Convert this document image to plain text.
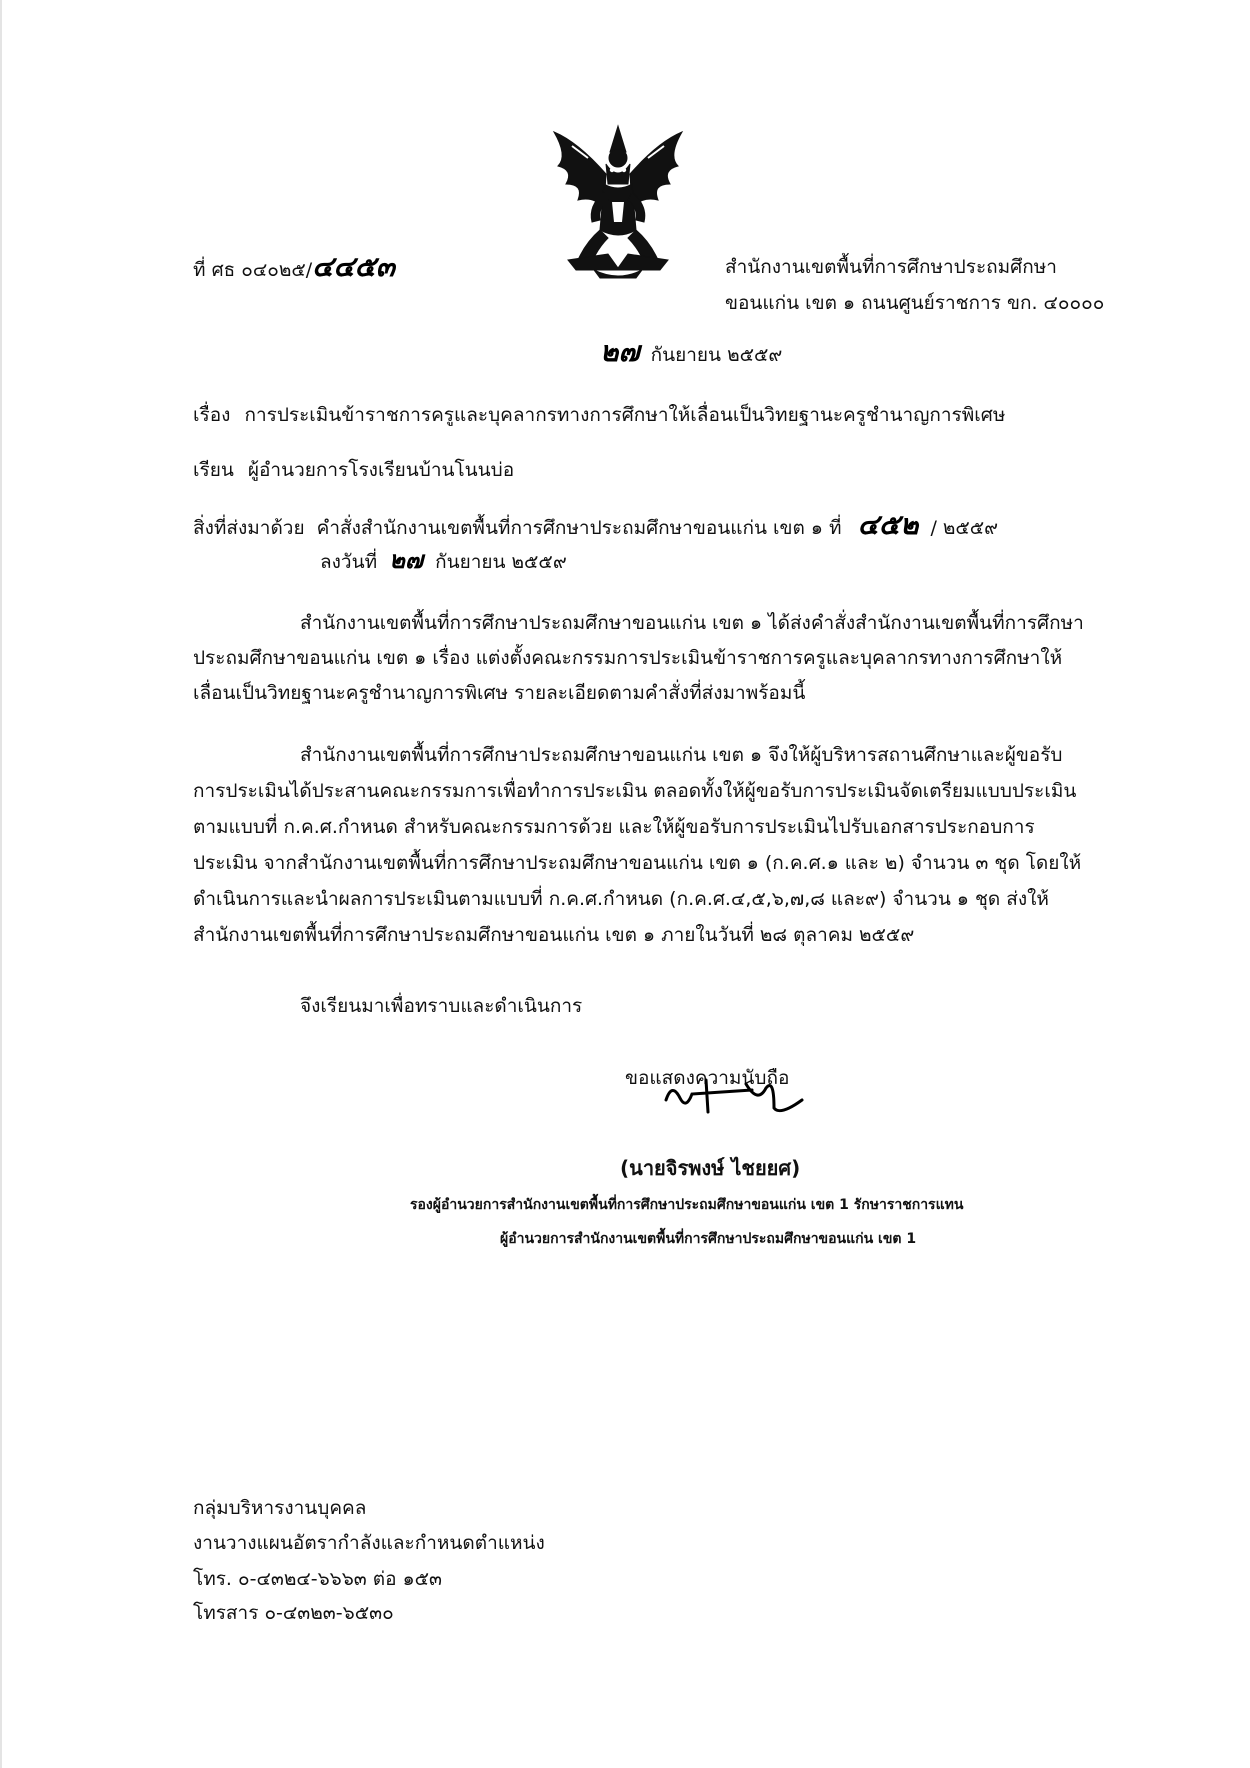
ที่ ศธ ๐๔๐๒๕/๔๔๕๓	สำนักงานเขตพื้นที่การศึกษาประถมศึกษา
ขอนแก่น เขต ๑ ถนนศูนย์ราชการ ขก. ๔๐๐๐๐
๒๗ กันยายน ๒๕๕๙
เรื่อง การประเมินข้าราชการครูและบุคลากรทางการศึกษาให้เลื่อนเป็นวิทยฐานะครูชำนาญการพิเศษ
เรียน ผู้อำนวยการโรงเรียนบ้านโนนบ่อ
สิ่งที่ส่งมาด้วย คำสั่งสำนักงานเขตพื้นที่การศึกษาประถมศึกษาขอนแก่น เขต ๑ ที่ ๔๕๒ / ๒๕๕๙
ลงวันที่ ๒๗ กันยายน ๒๕๕๙
สำนักงานเขตพื้นที่การศึกษาประถมศึกษาขอนแก่น เขต ๑ ได้ส่งคำสั่งสำนักงานเขตพื้นที่การศึกษา
ประถมศึกษาขอนแก่น เขต ๑ เรื่อง แต่งตั้งคณะกรรมการประเมินข้าราชการครูและบุคลากรทางการศึกษาให้
เลื่อนเป็นวิทยฐานะครูชำนาญการพิเศษ รายละเอียดตามคำสั่งที่ส่งมาพร้อมนี้
สำนักงานเขตพื้นที่การศึกษาประถมศึกษาขอนแก่น เขต ๑ จึงให้ผู้บริหารสถานศึกษาและผู้ขอรับ
การประเมินได้ประสานคณะกรรมการเพื่อทำการประเมิน ตลอดทั้งให้ผู้ขอรับการประเมินจัดเตรียมแบบประเมิน
ตามแบบที่ ก.ค.ศ.กำหนด สำหรับคณะกรรมการด้วย และให้ผู้ขอรับการประเมินไปรับเอกสารประกอบการ
ประเมิน จากสำนักงานเขตพื้นที่การศึกษาประถมศึกษาขอนแก่น เขต ๑ (ก.ค.ศ.๑ และ ๒) จำนวน ๓ ชุด โดยให้
ดำเนินการและนำผลการประเมินตามแบบที่ ก.ค.ศ.กำหนด (ก.ค.ศ.๔,๕,๖,๗,๘ และ๙) จำนวน ๑ ชุด ส่งให้
สำนักงานเขตพื้นที่การศึกษาประถมศึกษาขอนแก่น เขต ๑ ภายในวันที่ ๒๘ ตุลาคม ๒๕๕๙
จึงเรียนมาเพื่อทราบและดำเนินการ
ขอแสดงความนับถือ
(นายจิรพงษ์ ไชยยศ)
รองผู้อำนวยการสำนักงานเขตพื้นที่การศึกษาประถมศึกษาขอนแก่น เขต 1 รักษาราชการแทน
ผู้อำนวยการสำนักงานเขตพื้นที่การศึกษาประถมศึกษาขอนแก่น เขต 1
กลุ่มบริหารงานบุคคล
งานวางแผนอัตรากำลังและกำหนดตำแหน่ง
โทร. ๐-๔๓๒๔-๖๖๖๓ ต่อ ๑๕๓
โทรสาร ๐-๔๓๒๓-๖๕๓๐
